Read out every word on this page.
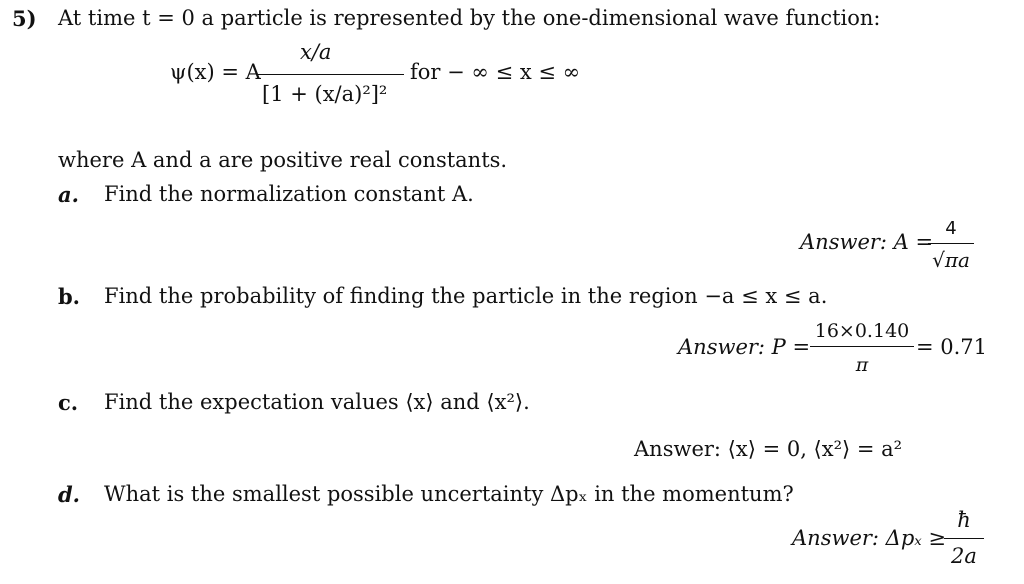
5) At time t = 0 a particle is represented by the one-dimensional wave function:
ψ(x) = A
x/a
[1 + (x/a)²]²
for − ∞ ≤ x ≤ ∞
where A and a are positive real constants.
a. Find the normalization constant A.
Answer: A =
4
√πa
b. Find the probability of finding the particle in the region −a ≤ x ≤ a.
Answer: P =
16×0.140
π
= 0.71
c. Find the expectation values ⟨x⟩ and ⟨x²⟩.
Answer: ⟨x⟩ = 0, ⟨x²⟩ = a²
d. What is the smallest possible uncertainty Δpₓ in the momentum?
Answer: Δpₓ ≥
ħ
2a
